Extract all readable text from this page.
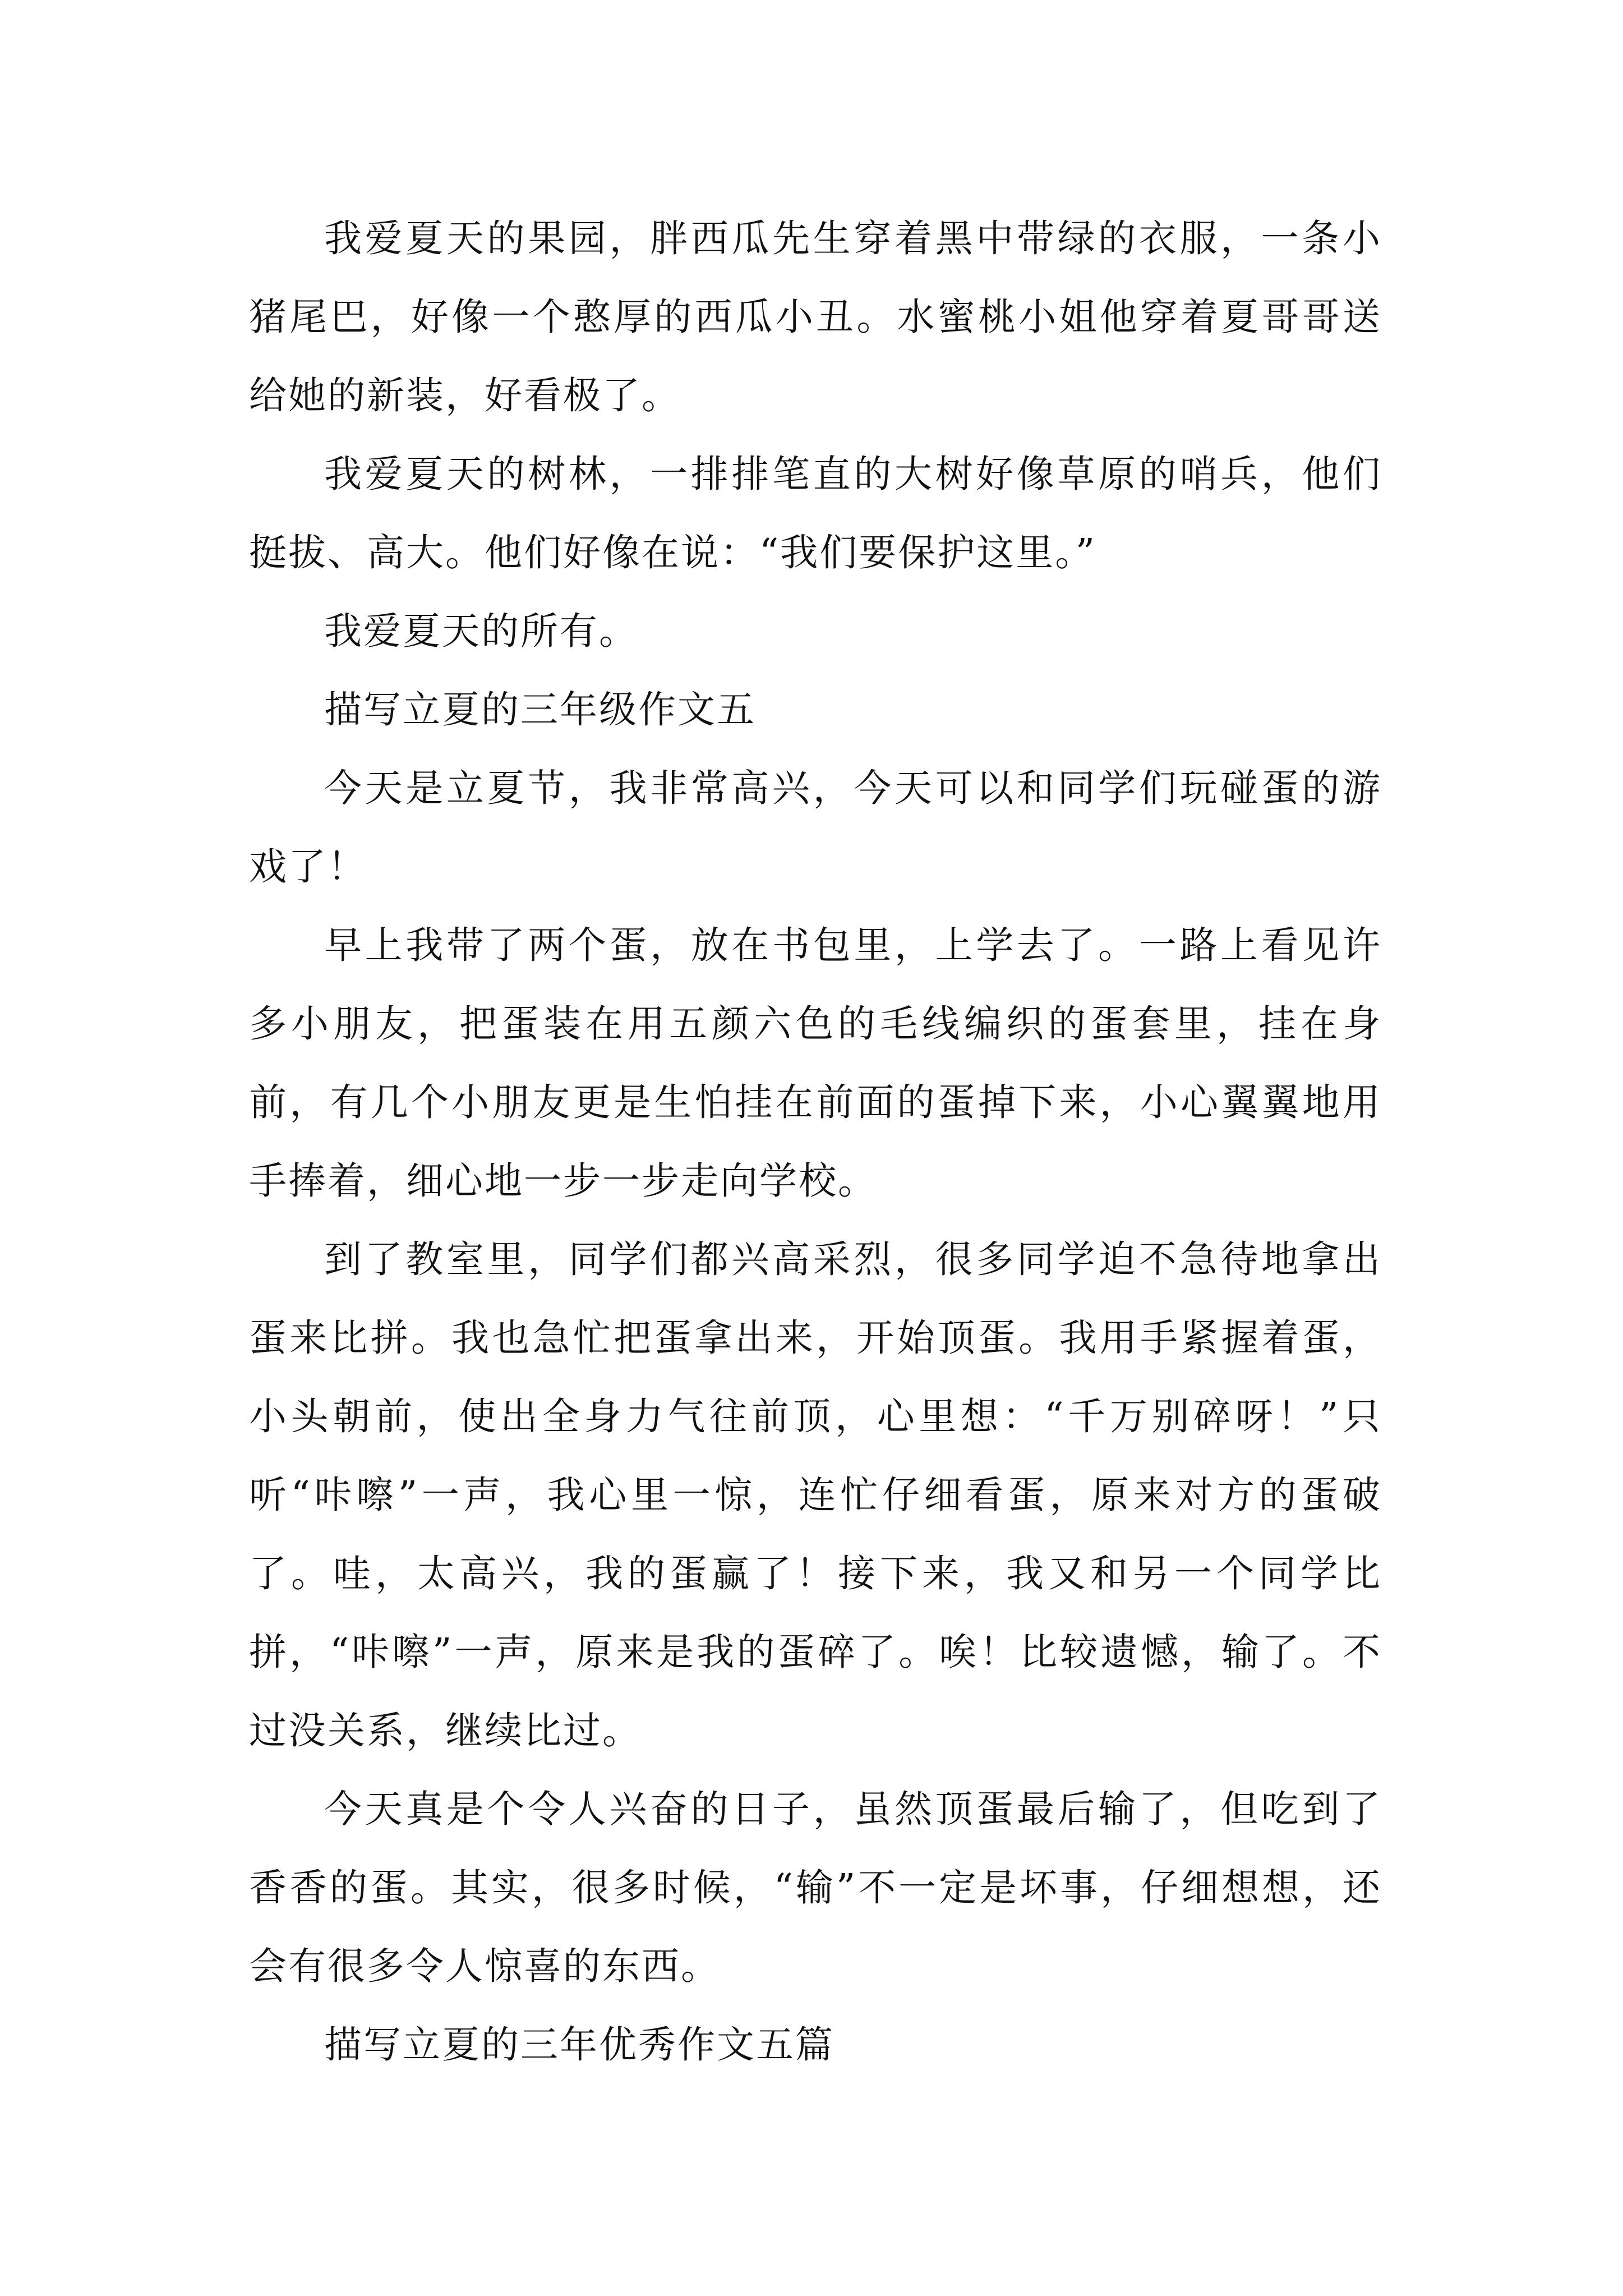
我爱夏天的果园，胖西瓜先生穿着黑中带绿的衣服，一条小猪尾巴，好像一个憨厚的西瓜小丑。水蜜桃小姐他穿着夏哥哥送给她的新装，好看极了。

我爱夏天的树林，一排排笔直的大树好像草原的哨兵，他们挺拔、高大。他们好像在说：“我们要保护这里。”

我爱夏天的所有。

描写立夏的三年级作文五

今天是立夏节，我非常高兴，今天可以和同学们玩碰蛋的游戏了！

早上我带了两个蛋，放在书包里，上学去了。一路上看见许多小朋友，把蛋装在用五颜六色的毛线编织的蛋套里，挂在身前，有几个小朋友更是生怕挂在前面的蛋掉下来，小心翼翼地用手捧着，细心地一步一步走向学校。

到了教室里，同学们都兴高采烈，很多同学迫不急待地拿出蛋来比拼。我也急忙把蛋拿出来，开始顶蛋。我用手紧握着蛋，小头朝前，使出全身力气往前顶，心里想：“千万别碎呀！”只听“咔嚓”一声，我心里一惊，连忙仔细看蛋，原来对方的蛋破了。哇，太高兴，我的蛋赢了！接下来，我又和另一个同学比拼，“咔嚓”一声，原来是我的蛋碎了。唉！比较遗憾，输了。不过没关系，继续比过。

今天真是个令人兴奋的日子，虽然顶蛋最后输了，但吃到了香香的蛋。其实，很多时候，“输”不一定是坏事，仔细想想，还会有很多令人惊喜的东西。

描写立夏的三年优秀作文五篇
